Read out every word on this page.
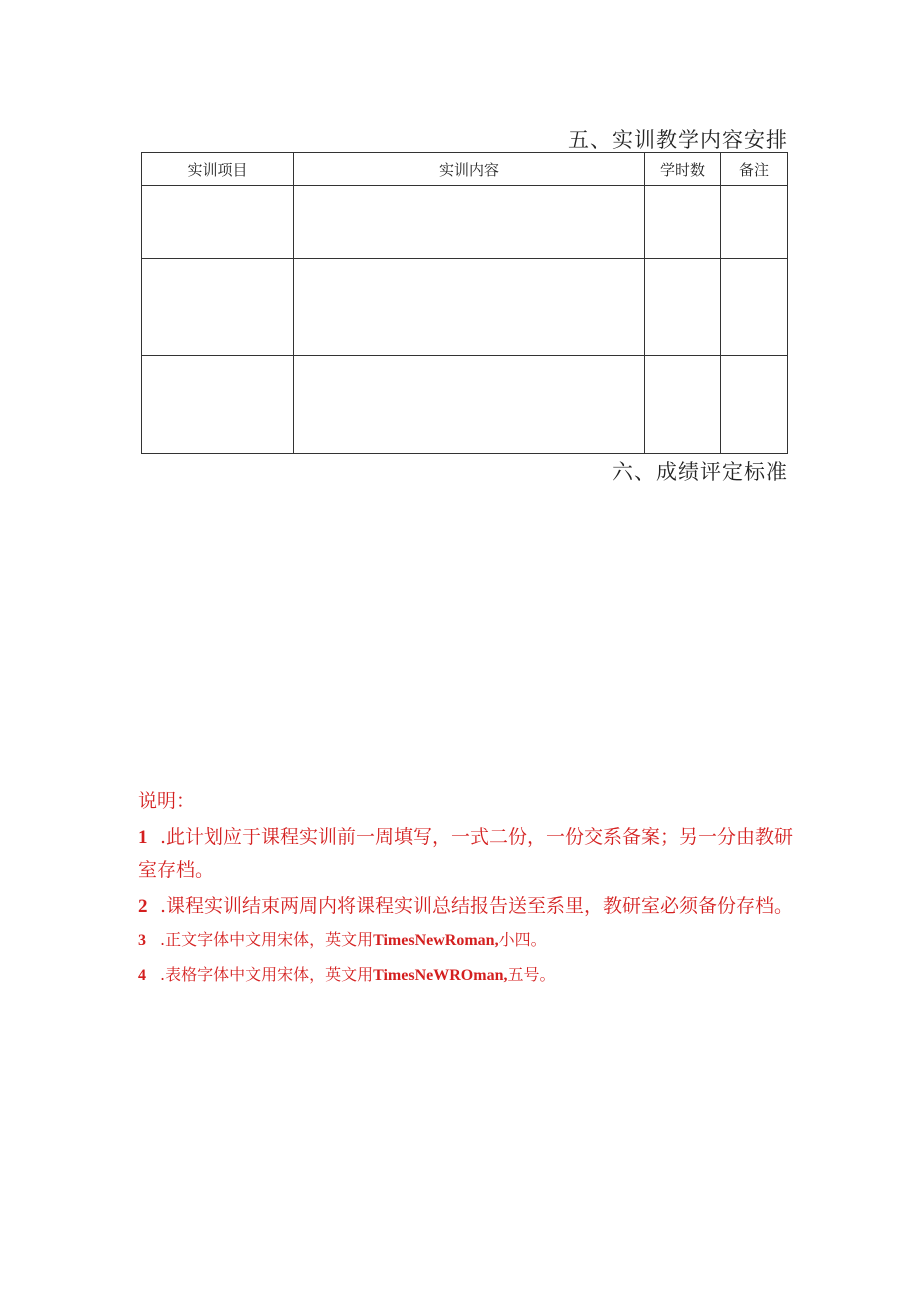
五、实训教学内容安排
实训项目	实训内容	学时数	备注

六、成绩评定标准
说明：
1 .此计划应于课程实训前一周填写，一式二份，一份交系备案；另一分由教研室存档。
2 .课程实训结束两周内将课程实训总结报告送至系里，教研室必须备份存档。
3 .正文字体中文用宋体，英文用TimesNewRoman,小四。
4 .表格字体中文用宋体，英文用TimesNeWROman,五号。
